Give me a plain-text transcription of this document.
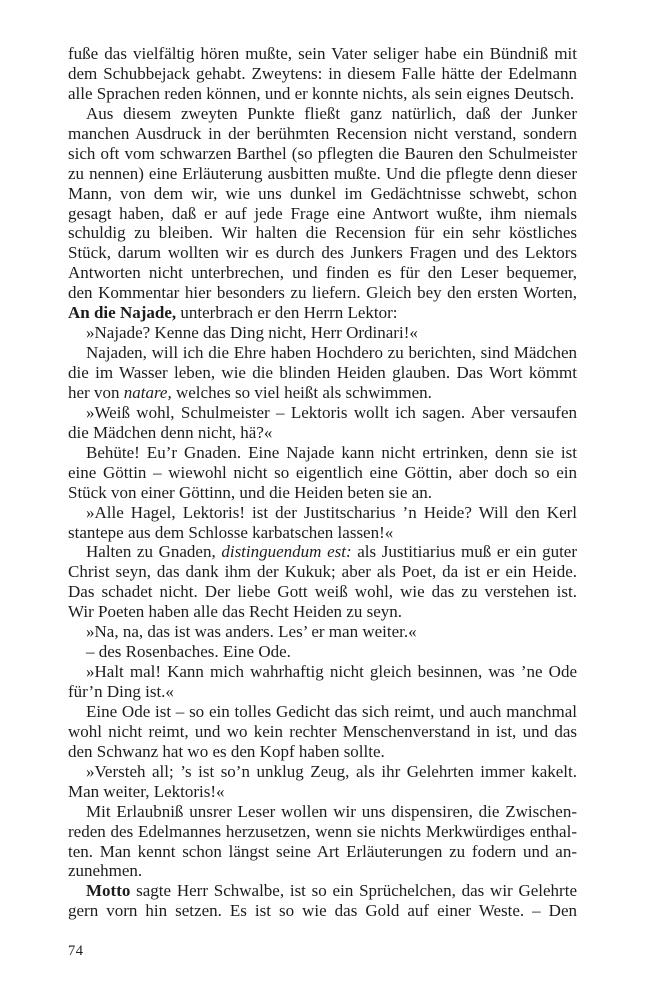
fuße das vielfältig hören mußte, sein Vater seliger habe ein Bündniß mit
dem Schubbejack gehabt. Zweytens: in diesem Falle hätte der Edelmann
alle Sprachen reden können, und er konnte nichts, als sein eignes Deutsch.
Aus diesem zweyten Punkte fließt ganz natürlich, daß der Junker
manchen Ausdruck in der berühmten Recension nicht verstand, sondern
sich oft vom schwarzen Barthel (so pflegten die Bauren den Schulmeister
zu nennen) eine Erläuterung ausbitten mußte. Und die pflegte denn dieser
Mann, von dem wir, wie uns dunkel im Gedächtnisse schwebt, schon
gesagt haben, daß er auf jede Frage eine Antwort wußte, ihm niemals
schuldig zu bleiben. Wir halten die Recension für ein sehr köstliches
Stück, darum wollten wir es durch des Junkers Fragen und des Lektors
Antworten nicht unterbrechen, und finden es für den Leser bequemer,
den Kommentar hier besonders zu liefern. Gleich bey den ersten Worten,
An die Najade, unterbrach er den Herrn Lektor:
»Najade? Kenne das Ding nicht, Herr Ordinari!«
Najaden, will ich die Ehre haben Hochdero zu berichten, sind Mädchen
die im Wasser leben, wie die blinden Heiden glauben. Das Wort kömmt
her von natare, welches so viel heißt als schwimmen.
»Weiß wohl, Schulmeister – Lektoris wollt ich sagen. Aber versaufen
die Mädchen denn nicht, hä?«
Behüte! Eu’r Gnaden. Eine Najade kann nicht ertrinken, denn sie ist
eine Göttin – wiewohl nicht so eigentlich eine Göttin, aber doch so ein
Stück von einer Göttinn, und die Heiden beten sie an.
»Alle Hagel, Lektoris! ist der Justitscharius ’n Heide? Will den Kerl
stantepe aus dem Schlosse karbatschen lassen!«
Halten zu Gnaden, distinguendum est: als Justitiarius muß er ein guter
Christ seyn, das dank ihm der Kukuk; aber als Poet, da ist er ein Heide.
Das schadet nicht. Der liebe Gott weiß wohl, wie das zu verstehen ist.
Wir Poeten haben alle das Recht Heiden zu seyn.
»Na, na, das ist was anders. Les’ er man weiter.«
– des Rosenbaches. Eine Ode.
»Halt mal! Kann mich wahrhaftig nicht gleich besinnen, was ’ne Ode
für’n Ding ist.«
Eine Ode ist – so ein tolles Gedicht das sich reimt, und auch manchmal
wohl nicht reimt, und wo kein rechter Menschenverstand in ist, und das
den Schwanz hat wo es den Kopf haben sollte.
»Versteh all; ’s ist so’n unklug Zeug, als ihr Gelehrten immer kakelt.
Man weiter, Lektoris!«
Mit Erlaubniß unsrer Leser wollen wir uns dispensiren, die Zwischen-
reden des Edelmannes herzusetzen, wenn sie nichts Merkwürdiges enthal-
ten. Man kennt schon längst seine Art Erläuterungen zu fodern und an-
zunehmen.
Motto sagte Herr Schwalbe, ist so ein Sprüchelchen, das wir Gelehrte
gern vorn hin setzen. Es ist so wie das Gold auf einer Weste. – Den
74
